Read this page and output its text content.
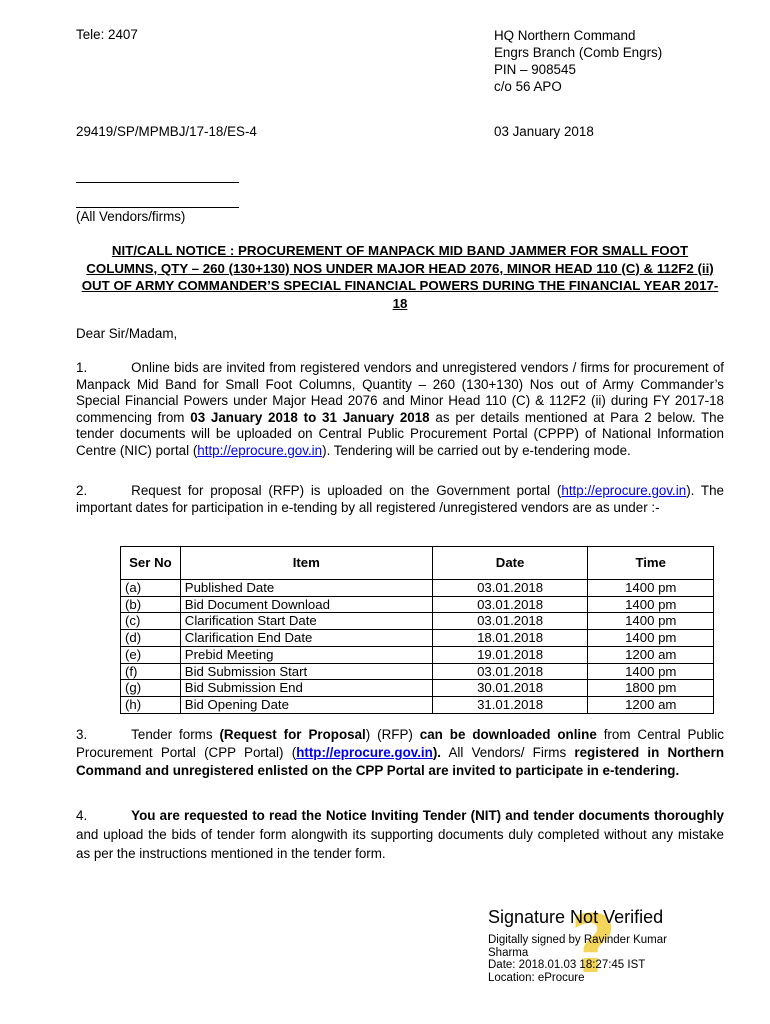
Tele: 2407	HQ Northern Command
Engrs Branch (Comb Engrs)
PIN – 908545
c/o 56 APO
29419/SP/MPMBJ/17-18/ES-4	03 January 2018
(All Vendors/firms)
NIT/CALL NOTICE : PROCUREMENT OF MANPACK MID BAND JAMMER FOR SMALL FOOT COLUMNS, QTY – 260 (130+130) NOS UNDER MAJOR HEAD 2076, MINOR HEAD 110 (C) & 112F2 (ii) OUT OF ARMY COMMANDER’S SPECIAL FINANCIAL POWERS DURING THE FINANCIAL YEAR 2017-18
Dear Sir/Madam,
1.	Online bids are invited from registered vendors and unregistered vendors / firms for procurement of Manpack Mid Band for Small Foot Columns, Quantity – 260 (130+130) Nos out of Army Commander’s Special Financial Powers under Major Head 2076 and Minor Head 110 (C) & 112F2 (ii) during FY 2017-18 commencing from 03 January 2018 to 31 January 2018 as per details mentioned at Para 2 below. The tender documents will be uploaded on Central Public Procurement Portal (CPPP) of National Information Centre (NIC) portal (http://eprocure.gov.in). Tendering will be carried out by e-tendering mode.
2.	Request for proposal (RFP) is uploaded on the Government portal (http://eprocure.gov.in). The important dates for participation in e-tending by all registered /unregistered vendors are as under :-
Ser No	Item	Date	Time
(a)	Published Date	03.01.2018	1400 pm
(b)	Bid Document Download	03.01.2018	1400 pm
(c)	Clarification Start Date	03.01.2018	1400 pm
(d)	Clarification End Date	18.01.2018	1400 pm
(e)	Prebid Meeting	19.01.2018	1200 am
(f)	Bid Submission Start	03.01.2018	1400 pm
(g)	Bid Submission End	30.01.2018	1800 pm
(h)	Bid Opening Date	31.01.2018	1200 am
3.	Tender forms (Request for Proposal) (RFP) can be downloaded online from Central Public Procurement Portal (CPP Portal) (http://eprocure.gov.in). All Vendors/ Firms registered in Northern Command and unregistered enlisted on the CPP Portal are invited to participate in e-tendering.
4.	You are requested to read the Notice Inviting Tender (NIT) and tender documents thoroughly and upload the bids of tender form alongwith its supporting documents duly completed without any mistake as per the instructions mentioned in the tender form.
?
Signature Not Verified
Digitally signed by Ravinder Kumar Sharma
Date: 2018.01.03 18:27:45 IST
Location: eProcure
